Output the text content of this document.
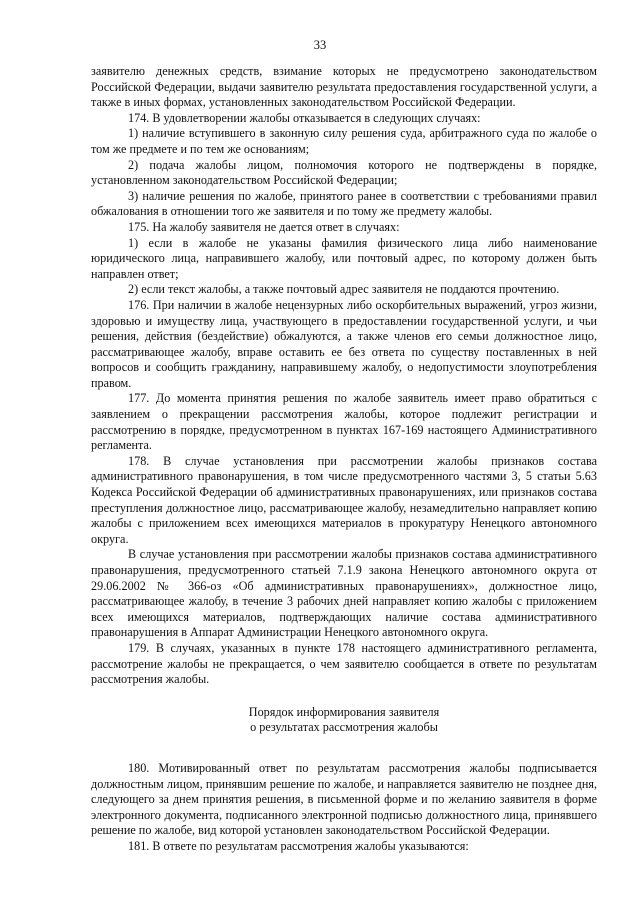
33

заявителю денежных средств, взимание которых не предусмотрено законодательством Российской Федерации, выдачи заявителю результата предоставления государственной услуги, а также в иных формах, установленных законодательством Российской Федерации.

174. В удовлетворении жалобы отказывается в следующих случаях:

1) наличие вступившего в законную силу решения суда, арбитражного суда по жалобе о том же предмете и по тем же основаниям;

2) подача жалобы лицом, полномочия которого не подтверждены в порядке, установленном законодательством Российской Федерации;

3) наличие решения по жалобе, принятого ранее в соответствии с требованиями правил обжалования в отношении того же заявителя и по тому же предмету жалобы.

175. На жалобу заявителя не дается ответ в случаях:

1) если в жалобе не указаны фамилия физического лица либо наименование юридического лица, направившего жалобу, или почтовый адрес, по которому должен быть направлен ответ;

2) если текст жалобы, а также почтовый адрес заявителя не поддаются прочтению.

176. При наличии в жалобе нецензурных либо оскорбительных выражений, угроз жизни, здоровью и имуществу лица, участвующего в предоставлении государственной услуги, и чьи решения, действия (бездействие) обжалуются, а также членов его семьи должностное лицо, рассматривающее жалобу, вправе оставить ее без ответа по существу поставленных в ней вопросов и сообщить гражданину, направившему жалобу, о недопустимости злоупотребления правом.

177. До момента принятия решения по жалобе заявитель имеет право обратиться с заявлением о прекращении рассмотрения жалобы, которое подлежит регистрации и рассмотрению в порядке, предусмотренном в пунктах 167-169 настоящего Административного регламента.

178. В случае установления при рассмотрении жалобы признаков состава административного правонарушения, в том числе предусмотренного частями 3, 5 статьи 5.63 Кодекса Российской Федерации об административных правонарушениях, или признаков состава преступления должностное лицо, рассматривающее жалобу, незамедлительно направляет копию жалобы с приложением всех имеющихся материалов в прокуратуру Ненецкого автономного округа.

В случае установления при рассмотрении жалобы признаков состава административного правонарушения, предусмотренного статьей 7.1.9 закона Ненецкого автономного округа от 29.06.2002 № 366-оз «Об административных правонарушениях», должностное лицо, рассматривающее жалобу, в течение 3 рабочих дней направляет копию жалобы с приложением всех имеющихся материалов, подтверждающих наличие состава административного правонарушения в Аппарат Администрации Ненецкого автономного округа.

179. В случаях, указанных в пункте 178 настоящего административного регламента, рассмотрение жалобы не прекращается, о чем заявителю сообщается в ответе по результатам рассмотрения жалобы.

Порядок информирования заявителя

о результатах рассмотрения жалобы

180. Мотивированный ответ по результатам рассмотрения жалобы подписывается должностным лицом, принявшим решение по жалобе, и направляется заявителю не позднее дня, следующего за днем принятия решения, в письменной форме и по желанию заявителя в форме электронного документа, подписанного электронной подписью должностного лица, принявшего решение по жалобе, вид которой установлен законодательством Российской Федерации.

181. В ответе по результатам рассмотрения жалобы указываются:
